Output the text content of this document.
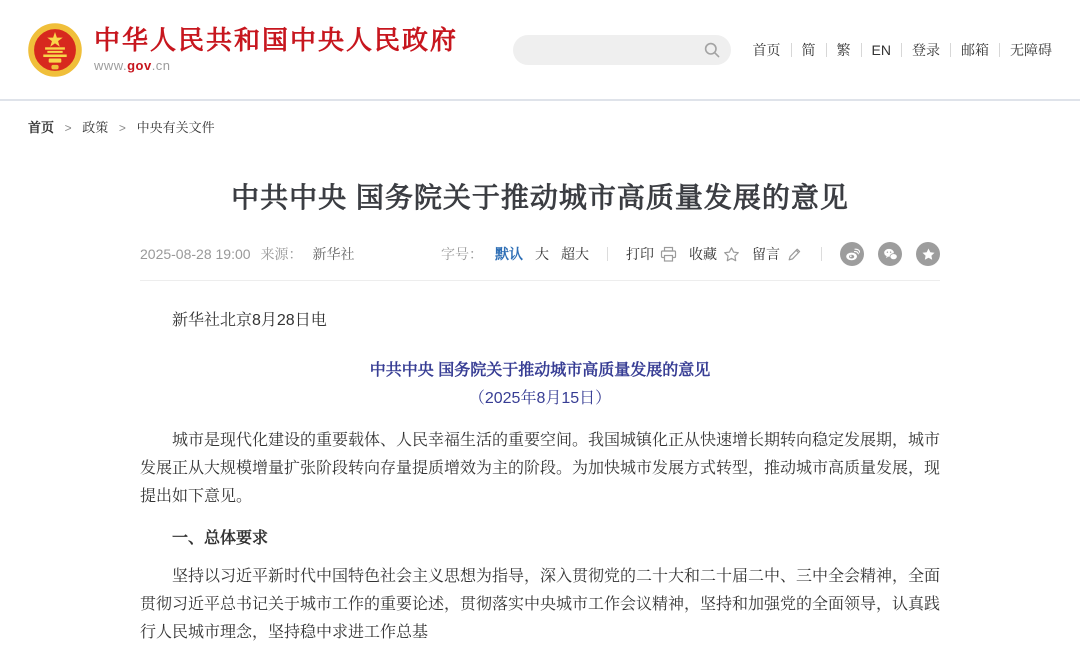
中华人民共和国中央人民政府
www.gov.cn
首页 简 繁 EN 登录 邮箱 无障碍
首页 > 政策 > 中央有关文件
中共中央 国务院关于推动城市高质量发展的意见
2025-08-28 19:00 来源： 新华社	字号： 默认 大 超大	打印	收藏	留言

新华社北京8月28日电

中共中央 国务院关于推动城市高质量发展的意见

（2025年8月15日）

城市是现代化建设的重要载体、人民幸福生活的重要空间。我国城镇化正从快速增长期转向稳定发展期，城市发展正从大规模增量扩张阶段转向存量提质增效为主的阶段。为加快城市发展方式转型，推动城市高质量发展，现提出如下意见。

一、总体要求

坚持以习近平新时代中国特色社会主义思想为指导，深入贯彻党的二十大和二十届二中、三中全会精神，全面贯彻习近平总书记关于城市工作的重要论述，贯彻落实中央城市工作会议精神，坚持和加强党的全面领导，认真践行人民城市理念，坚持稳中求进工作总基
